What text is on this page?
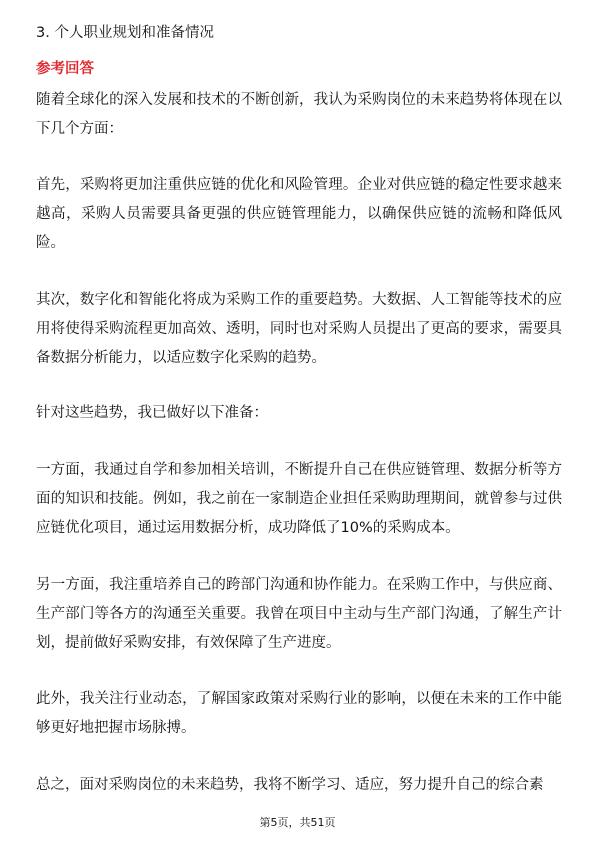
3. 个人职业规划和准备情况
参考回答

随着全球化的深入发展和技术的不断创新，我认为采购岗位的未来趋势将体现在以
下几个方面：

首先，采购将更加注重供应链的优化和风险管理。企业对供应链的稳定性要求越来
越高，采购人员需要具备更强的供应链管理能力，以确保供应链的流畅和降低风
险。

其次，数字化和智能化将成为采购工作的重要趋势。大数据、人工智能等技术的应
用将使得采购流程更加高效、透明，同时也对采购人员提出了更高的要求，需要具
备数据分析能力，以适应数字化采购的趋势。

针对这些趋势，我已做好以下准备：

一方面，我通过自学和参加相关培训，不断提升自己在供应链管理、数据分析等方
面的知识和技能。例如，我之前在一家制造企业担任采购助理期间，就曾参与过供
应链优化项目，通过运用数据分析，成功降低了10%的采购成本。

另一方面，我注重培养自己的跨部门沟通和协作能力。在采购工作中，与供应商、
生产部门等各方的沟通至关重要。我曾在项目中主动与生产部门沟通，了解生产计
划，提前做好采购安排，有效保障了生产进度。

此外，我关注行业动态，了解国家政策对采购行业的影响，以便在未来的工作中能
够更好地把握市场脉搏。

总之，面对采购岗位的未来趋势，我将不断学习、适应，努力提升自己的综合素

第5页，共51页
